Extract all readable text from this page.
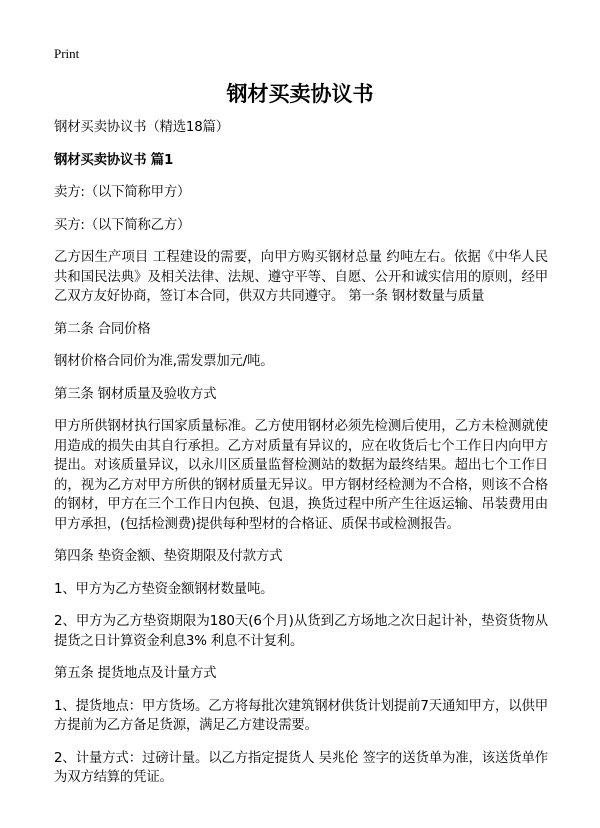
Print
钢材买卖协议书

钢材买卖协议书（精选18篇）

钢材买卖协议书 篇1

卖方:（以下简称甲方）

买方:（以下简称乙方）

乙方因生产项目 工程建设的需要，向甲方购买钢材总量 约吨左右。依据《中华人民共和国民法典》及相关法律、法规、遵守平等、自愿、公开和诚实信用的原则，经甲乙双方友好协商，签订本合同，供双方共同遵守。 第一条 钢材数量与质量

第二条 合同价格

钢材价格合同价为准,需发票加元/吨。

第三条 钢材质量及验收方式

甲方所供钢材执行国家质量标准。乙方使用钢材必须先检测后使用，乙方未检测就使用造成的损失由其自行承担。乙方对质量有异议的，应在收货后七个工作日内向甲方提出。对该质量异议，以永川区质量监督检测站的数据为最终结果。超出七个工作日的，视为乙方对甲方所供的钢材质量无异议。甲方钢材经检测为不合格，则该不合格的钢材，甲方在三个工作日内包换、包退，换货过程中所产生往返运输、吊装费用由甲方承担，(包括检测费)提供每种型材的合格证、质保书或检测报告。

第四条 垫资金额、垫资期限及付款方式

1、甲方为乙方垫资金额钢材数量吨。

2、甲方为乙方垫资期限为180天(6个月)从货到乙方场地之次日起计补，垫资货物从提货之日计算资金利息3% 利息不计复利。

第五条 提货地点及计量方式

1、提货地点：甲方货场。乙方将每批次建筑钢材供货计划提前7天通知甲方，以供甲方提前为乙方备足货源，满足乙方建设需要。

2、计量方式：过磅计量。以乙方指定提货人 吴兆伦 签字的送货单为准，该送货单作为双方结算的凭证。
